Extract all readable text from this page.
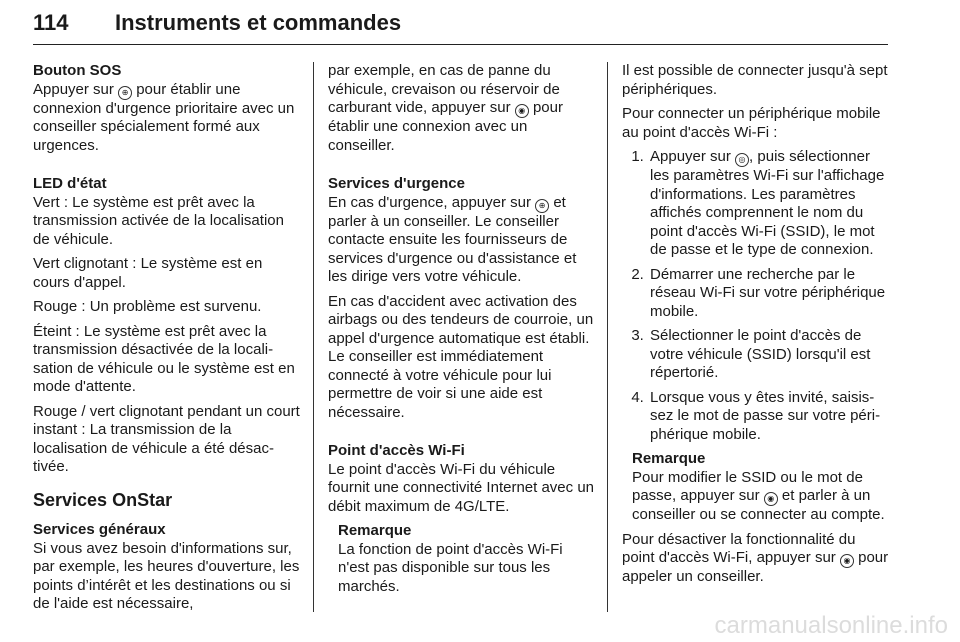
114 Instruments et commandes

Bouton SOS

Appuyer sur ⊕ pour établir une connexion d'urgence prioritaire avec un conseiller spécialement formé aux urgences.

LED d'état

Vert : Le système est prêt avec la transmission activée de la localisation de véhicule.

Vert clignotant : Le système est en cours d'appel.

Rouge : Un problème est survenu.

Éteint : Le système est prêt avec la transmission désactivée de la localisation de véhicule ou le système est en mode d'attente.

Rouge / vert clignotant pendant un court instant : La transmission de la localisation de véhicule a été désactivée.

Services OnStar

Services généraux

Si vous avez besoin d'informations sur, par exemple, les heures d'ouverture, les points d’intérêt et les destinations ou si de l'aide est nécessaire,

par exemple, en cas de panne du véhicule, crevaison ou réservoir de carburant vide, appuyer sur ◉ pour établir une connexion avec un conseiller.

Services d'urgence

En cas d'urgence, appuyer sur ⊕ et parler à un conseiller. Le conseiller contacte ensuite les fournisseurs de services d'urgence ou d'assistance et les dirige vers votre véhicule.

En cas d'accident avec activation des airbags ou des tendeurs de courroie, un appel d'urgence automatique est établi. Le conseiller est immédiatement connecté à votre véhicule pour lui permettre de voir si une aide est nécessaire.

Point d'accès Wi-Fi

Le point d'accès Wi-Fi du véhicule fournit une connectivité Internet avec un débit maximum de 4G/LTE.

Remarque

La fonction de point d'accès Wi-Fi n'est pas disponible sur tous les marchés.

Il est possible de connecter jusqu'à sept périphériques.

Pour connecter un périphérique mobile au point d'accès Wi-Fi :

1. Appuyer sur ◎ , puis sélectionner les paramètres Wi-Fi sur l'affichage d'informations. Les paramètres affichés comprennent le nom du point d'accès Wi-Fi (SSID), le mot de passe et le type de connexion.
2. Démarrer une recherche par le réseau Wi-Fi sur votre périphérique mobile.
3. Sélectionner le point d'accès de votre véhicule (SSID) lorsqu'il est répertorié.
4. Lorsque vous y êtes invité, saisissez le mot de passe sur votre périphérique mobile.

Remarque

Pour modifier le SSID ou le mot de passe, appuyer sur ◉ et parler à un conseiller ou se connecter au compte.

Pour désactiver la fonctionnalité du point d'accès Wi-Fi, appuyer sur ◉ pour appeler un conseiller.

carmanualsonline.info
